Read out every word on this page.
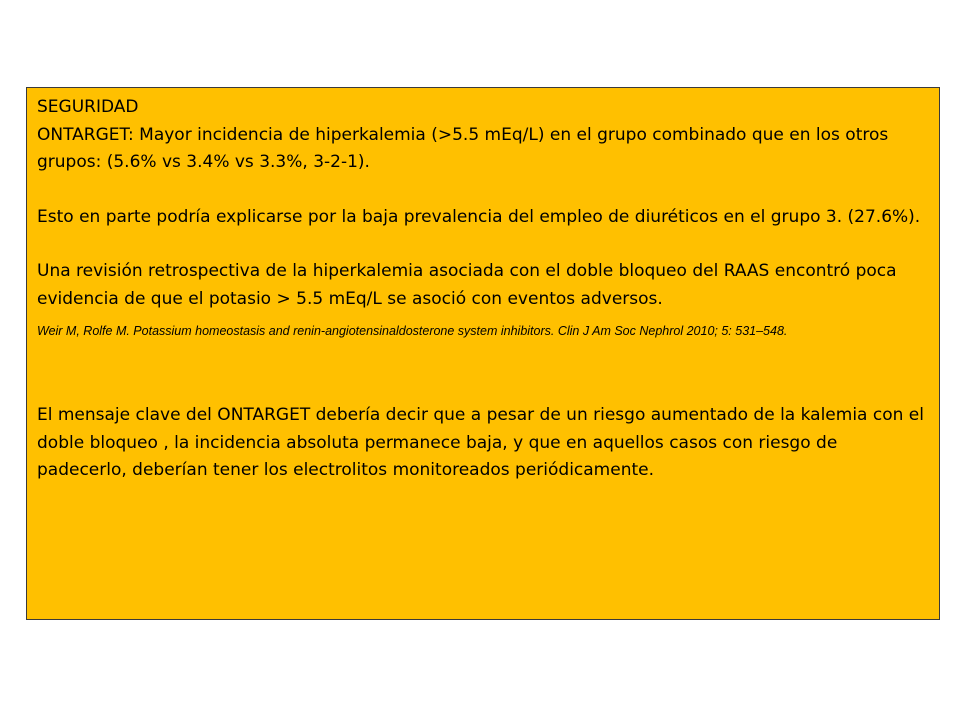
SEGURIDAD

ONTARGET: Mayor incidencia de hiperkalemia (>5.5 mEq/L) en el grupo combinado que en los otros grupos: (5.6% vs 3.4% vs 3.3%, 3-2-1).

Esto en parte podría explicarse por la baja prevalencia del empleo de diuréticos en el grupo 3. (27.6%).

Una revisión retrospectiva de la hiperkalemia asociada con el doble bloqueo del RAAS encontró poca evidencia de que el potasio > 5.5 mEq/L se asoció con eventos adversos.

Weir M, Rolfe M. Potassium homeostasis and renin-angiotensinaldosterone system inhibitors. Clin J Am Soc Nephrol 2010; 5: 531–548.

El mensaje clave del ONTARGET debería decir que a pesar de un riesgo aumentado de la kalemia con el doble bloqueo , la incidencia absoluta permanece baja, y que en aquellos casos con riesgo de padecerlo, deberían tener los electrolitos monitoreados periódicamente.
